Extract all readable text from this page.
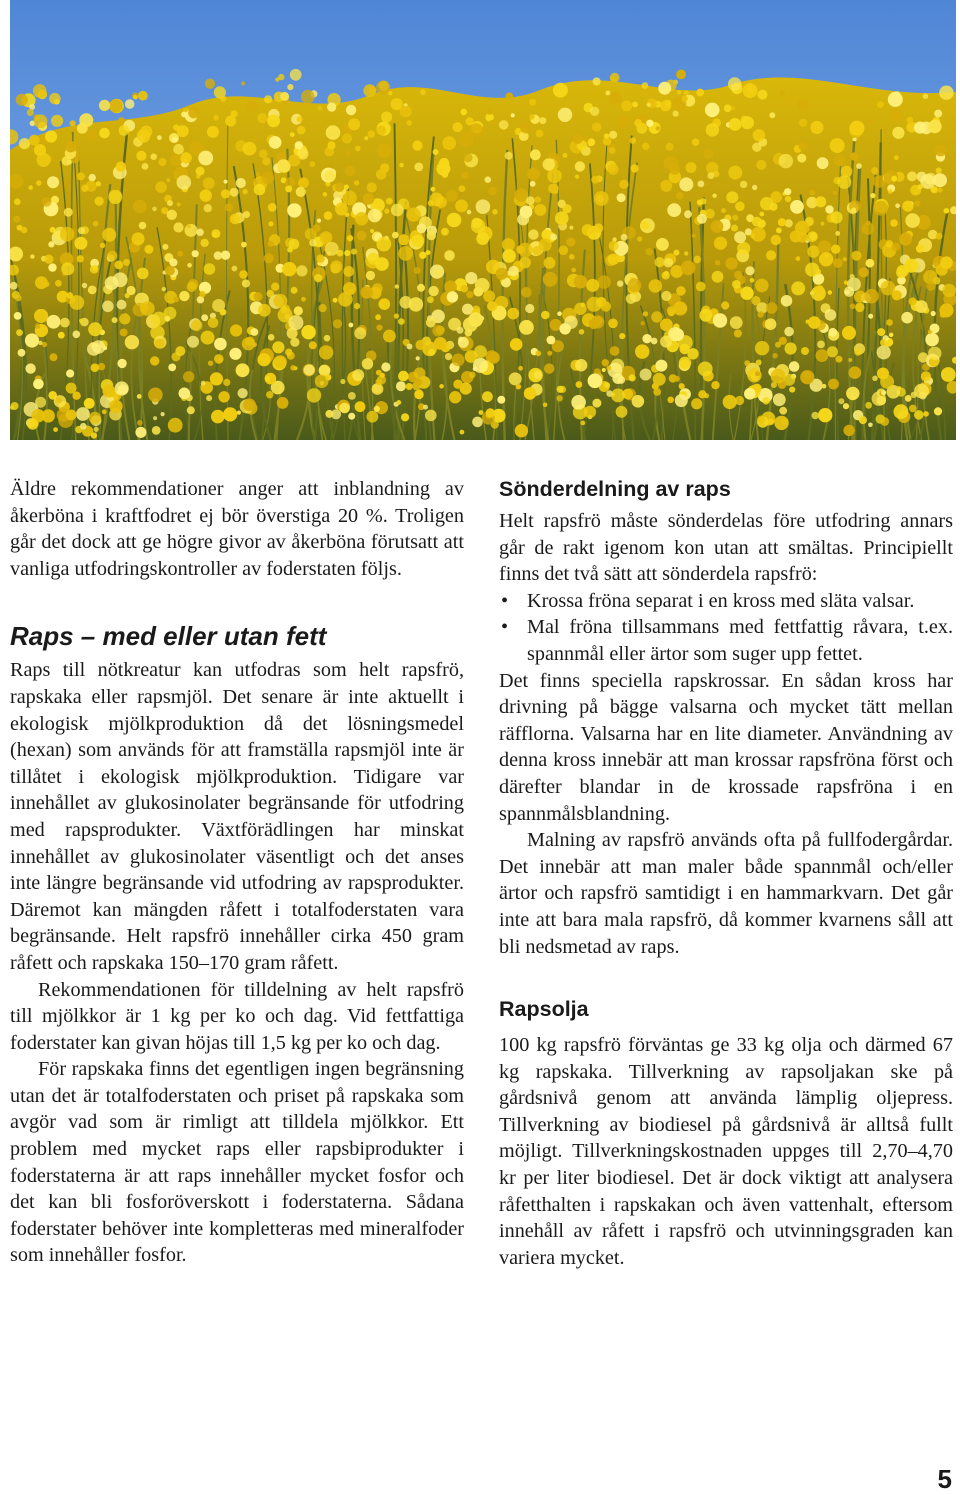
Äldre rekommendationer anger att inblandning av åkerböna i kraftfodret ej bör överstiga 20 %. Troligen går det dock att ge högre givor av åkerböna förutsatt att vanliga utfodringskontroller av foderstaten följs.

Raps – med eller utan fett

Raps till nötkreatur kan utfodras som helt rapsfrö, rapskaka eller rapsmjöl. Det senare är inte aktuellt i ekologisk mjölkproduktion då det lösningsmedel (hexan) som används för att framställa rapsmjöl inte är tillåtet i ekologisk mjölkproduktion. Tidigare var innehållet av glukosinolater begränsande för utfodring med rapsprodukter. Växtförädlingen har minskat innehållet av glukosinolater väsentligt och det anses inte längre begränsande vid utfodring av rapsprodukter. Däremot kan mängden råfett i totalfoderstaten vara begränsande. Helt rapsfrö innehåller cirka 450 gram råfett och rapskaka 150–170 gram råfett.

Rekommendationen för tilldelning av helt rapsfrö till mjölkkor är 1 kg per ko och dag. Vid fettfattiga foderstater kan givan höjas till 1,5 kg per ko och dag.

För rapskaka finns det egentligen ingen begränsning utan det är totalfoderstaten och priset på rapskaka som avgör vad som är rimligt att tilldela mjölkkor. Ett problem med mycket raps eller rapsbiprodukter i foderstaterna är att raps innehåller mycket fosfor och det kan bli fosforöverskott i foderstaterna. Sådana foderstater behöver inte kompletteras med mineralfoder som innehåller fosfor.

Sönderdelning av raps

Helt rapsfrö måste sönderdelas före utfodring annars går de rakt igenom kon utan att smältas. Principiellt finns det två sätt att sönderdela rapsfrö:

• Krossa fröna separat i en kross med släta valsar.
• Mal fröna tillsammans med fettfattig råvara, t.ex. spannmål eller ärtor som suger upp fettet.

Det finns speciella rapskrossar. En sådan kross har drivning på bägge valsarna och mycket tätt mellan räfflorna. Valsarna har en lite diameter. Användning av denna kross innebär att man krossar rapsfröna först och därefter blandar in de krossade rapsfröna i en spannmålsblandning.

Malning av rapsfrö används ofta på fullfodergårdar. Det innebär att man maler både spannmål och/eller ärtor och rapsfrö samtidigt i en hammarkvarn. Det går inte att bara mala rapsfrö, då kommer kvarnens såll att bli nedsmetad av raps.

Rapsolja

100 kg rapsfrö förväntas ge 33 kg olja och därmed 67 kg rapskaka. Tillverkning av rapsoljakan ske på gårdsnivå genom att använda lämplig oljepress. Tillverkning av biodiesel på gårdsnivå är alltså fullt möjligt. Tillverkningskostnaden uppges till 2,70–4,70 kr per liter biodiesel. Det är dock viktigt att analysera råfetthalten i rapskakan och även vattenhalt, eftersom innehåll av råfett i rapsfrö och utvinningsgraden kan variera mycket.

5
